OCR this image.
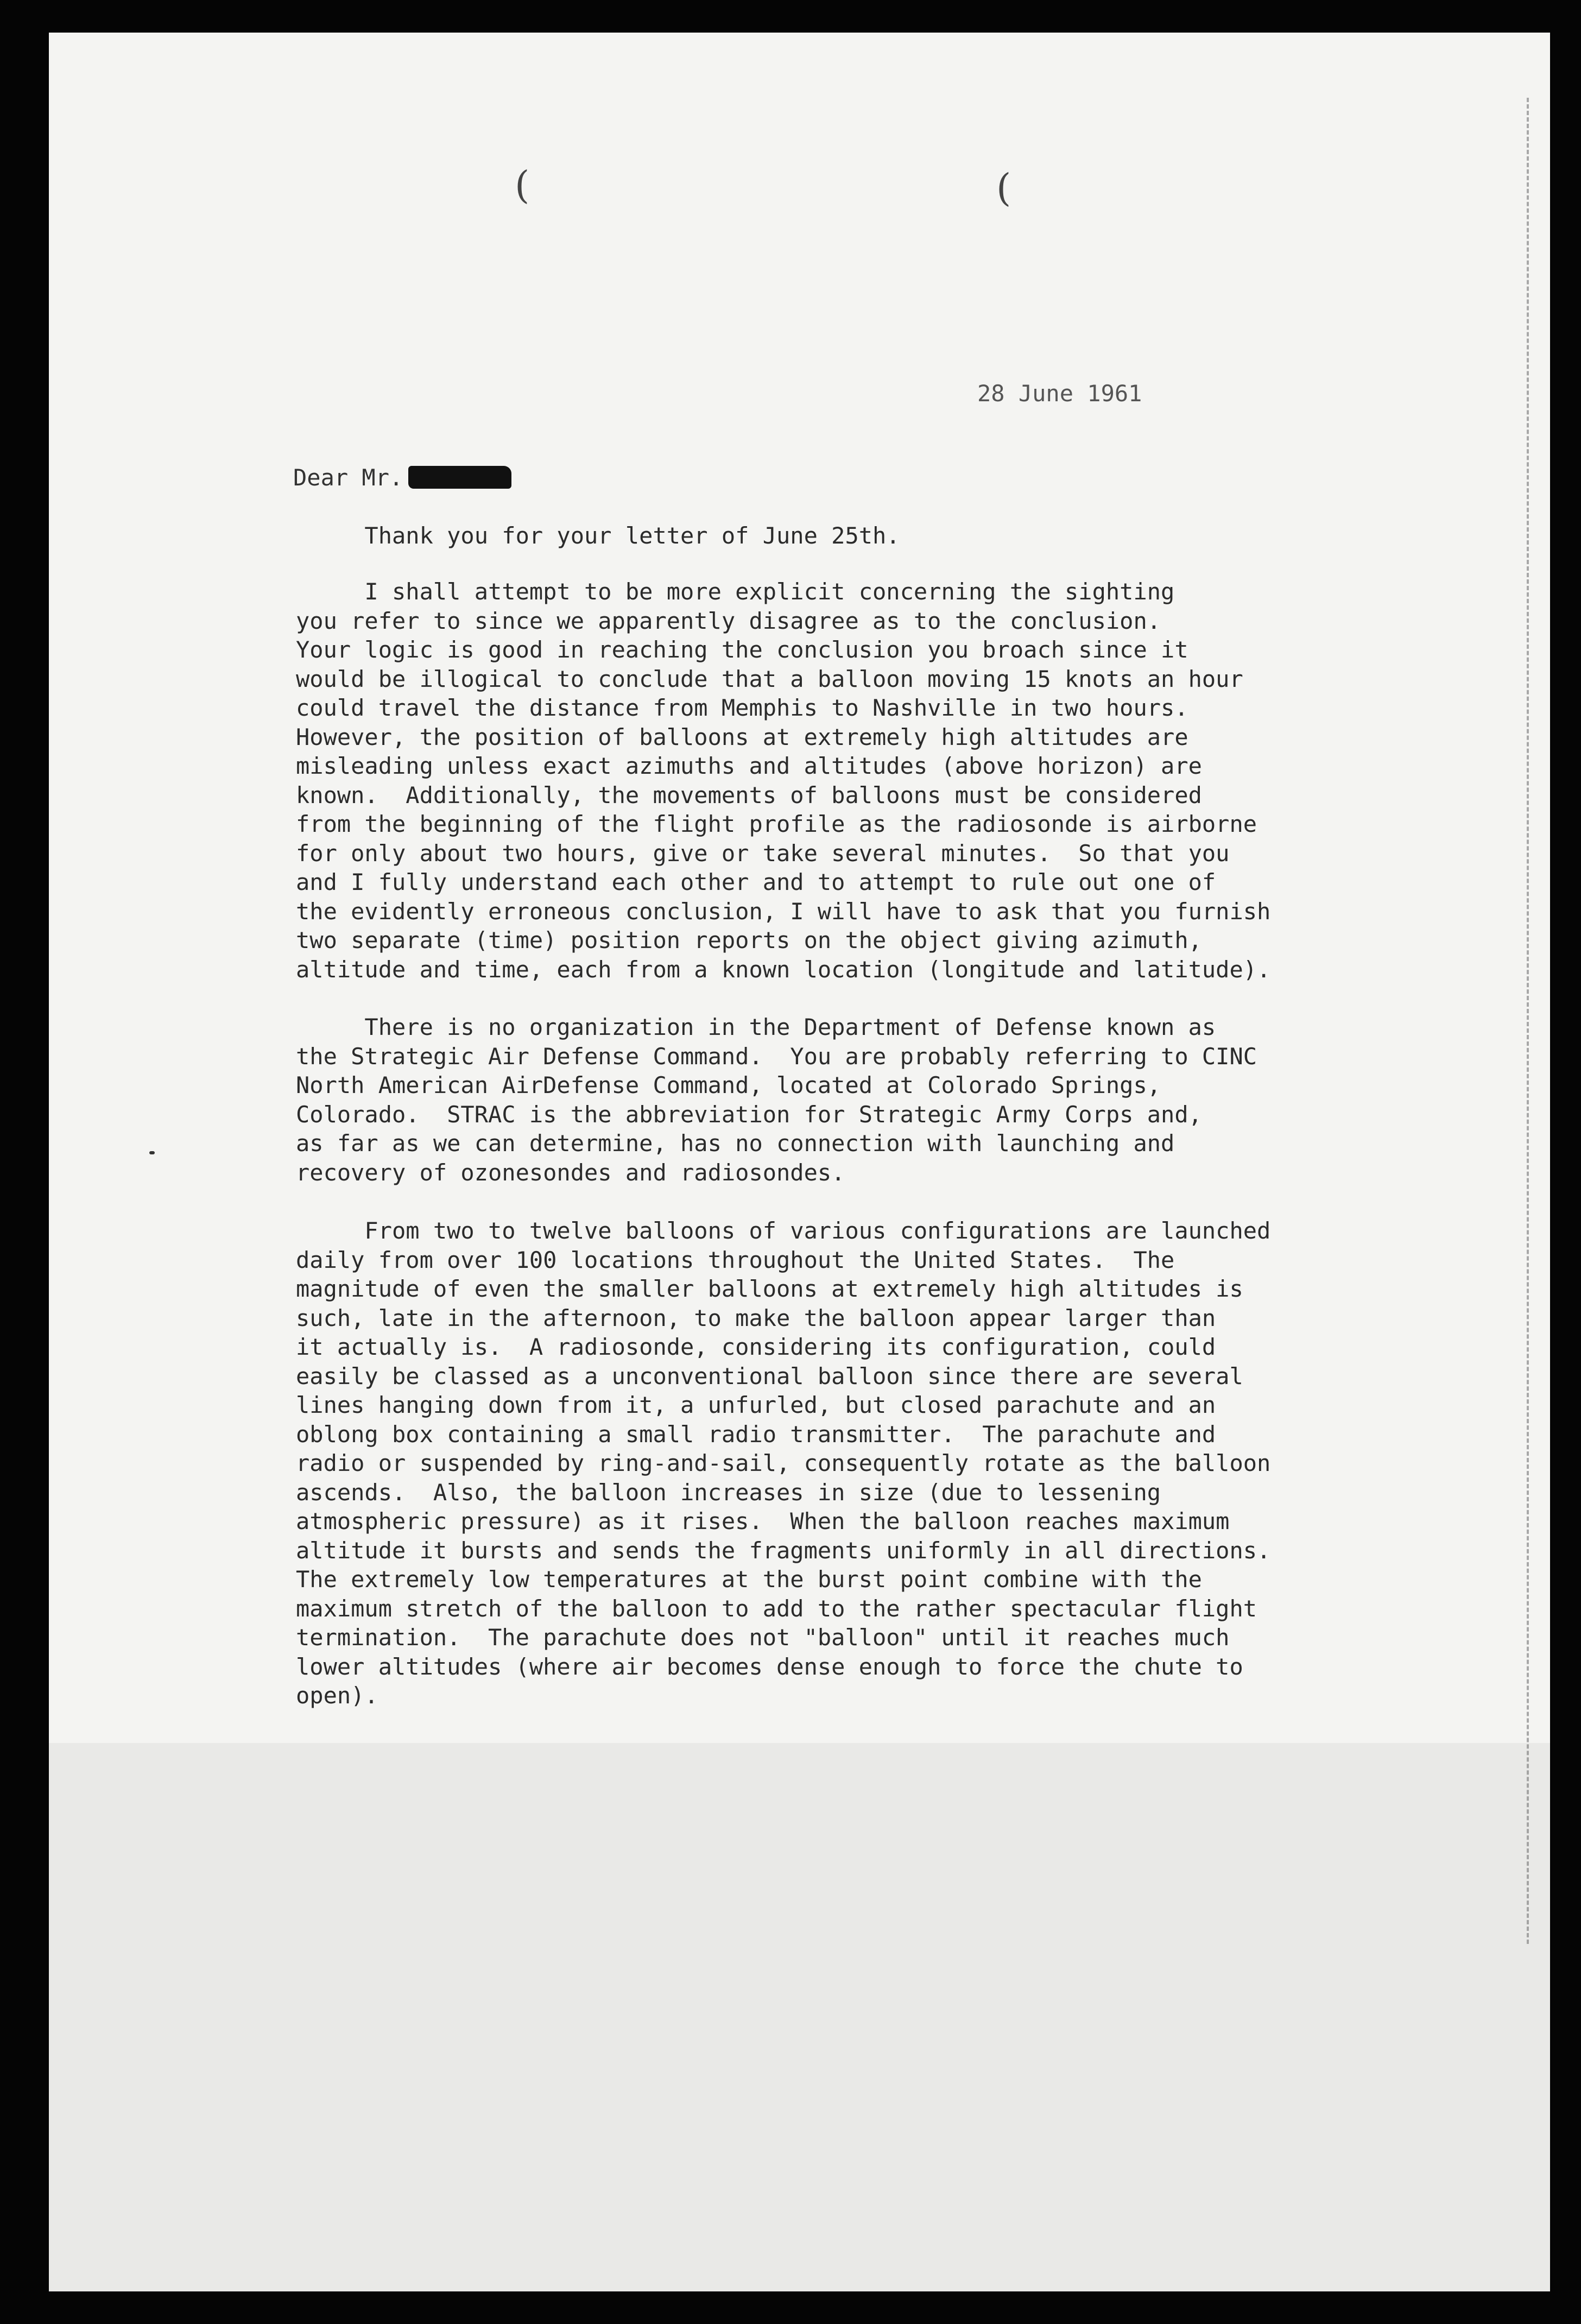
(	(
28 June 1961
Dear Mr.
Thank you for your letter of June 25th.
I shall attempt to be more explicit concerning the sighting
you refer to since we apparently disagree as to the conclusion.
Your logic is good in reaching the conclusion you broach since it
would be illogical to conclude that a balloon moving 15 knots an hour
could travel the distance from Memphis to Nashville in two hours.
However, the position of balloons at extremely high altitudes are
misleading unless exact azimuths and altitudes (above horizon) are
known.  Additionally, the movements of balloons must be considered
from the beginning of the flight profile as the radiosonde is airborne
for only about two hours, give or take several minutes.  So that you
and I fully understand each other and to attempt to rule out one of
the evidently erroneous conclusion, I will have to ask that you furnish
two separate (time) position reports on the object giving azimuth,
altitude and time, each from a known location (longitude and latitude).
There is no organization in the Department of Defense known as
the Strategic Air Defense Command.  You are probably referring to CINC
North American AirDefense Command, located at Colorado Springs,
Colorado.  STRAC is the abbreviation for Strategic Army Corps and,
as far as we can determine, has no connection with launching and
recovery of ozonesondes and radiosondes.
From two to twelve balloons of various configurations are launched
daily from over 100 locations throughout the United States.  The
magnitude of even the smaller balloons at extremely high altitudes is
such, late in the afternoon, to make the balloon appear larger than
it actually is.  A radiosonde, considering its configuration, could
easily be classed as a unconventional balloon since there are several
lines hanging down from it, a unfurled, but closed parachute and an
oblong box containing a small radio transmitter.  The parachute and
radio or suspended by ring-and-sail, consequently rotate as the balloon
ascends.  Also, the balloon increases in size (due to lessening
atmospheric pressure) as it rises.  When the balloon reaches maximum
altitude it bursts and sends the fragments uniformly in all directions.
The extremely low temperatures at the burst point combine with the
maximum stretch of the balloon to add to the rather spectacular flight
termination.  The parachute does not "balloon" until it reaches much
lower altitudes (where air becomes dense enough to force the chute to
open).
